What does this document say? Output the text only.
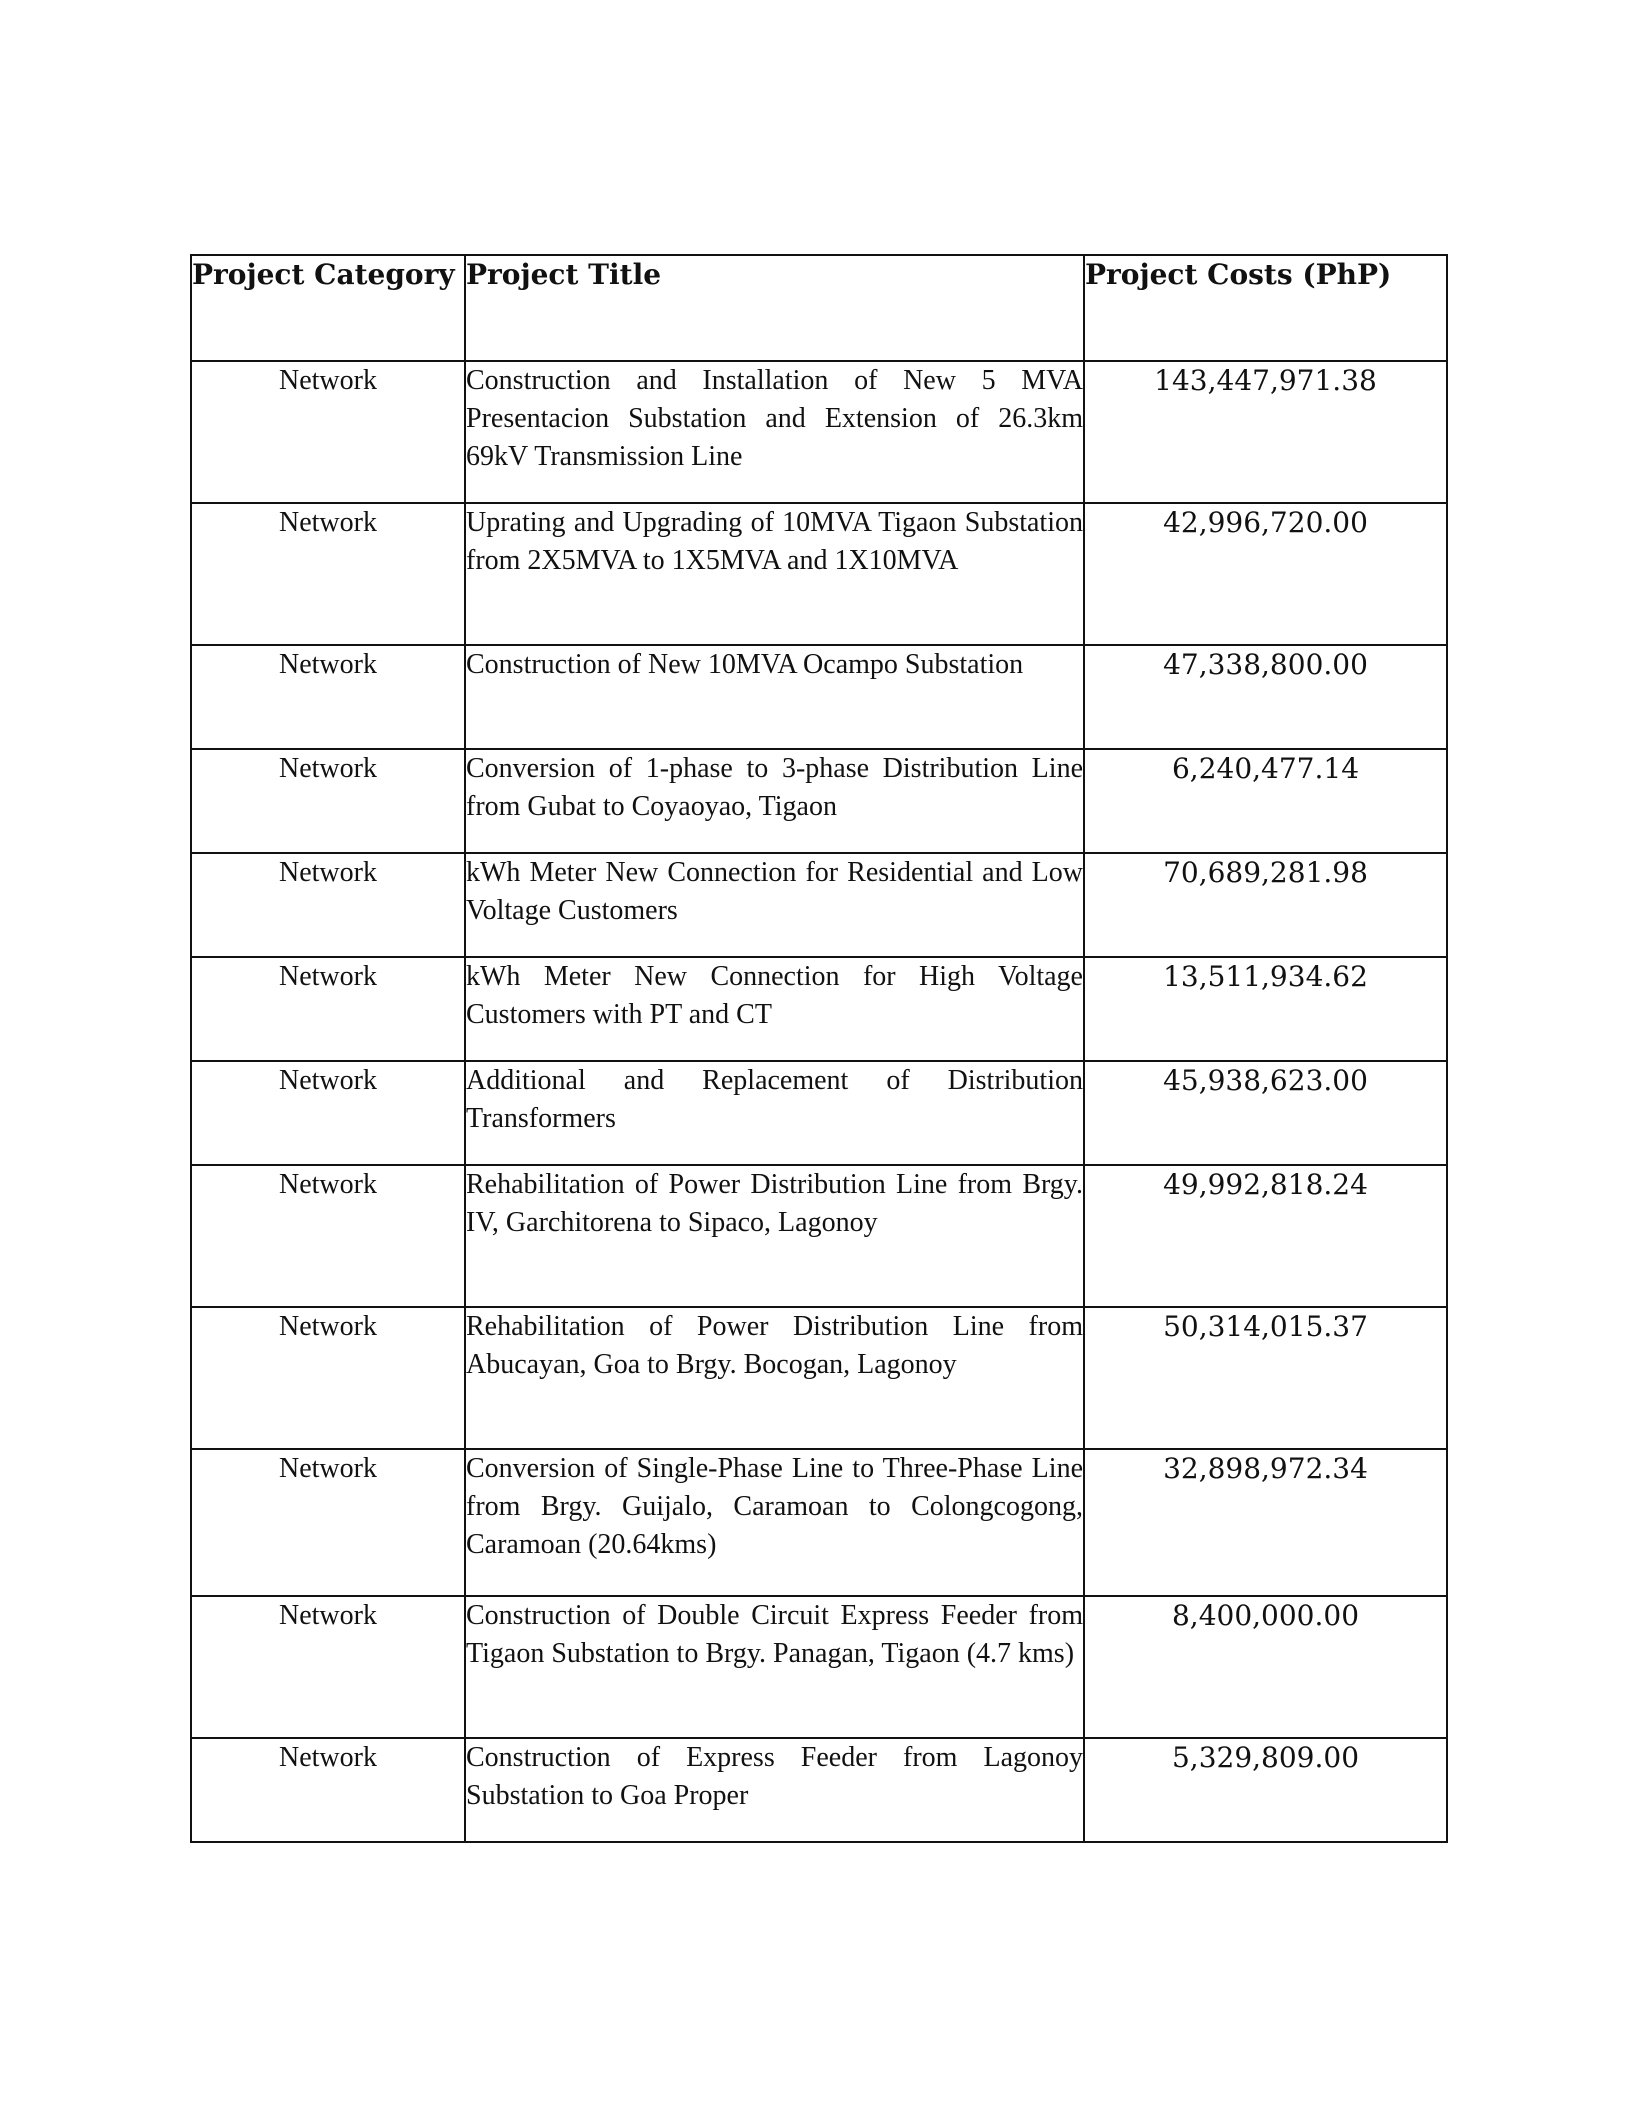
Project Category	Project Title	Project Costs (PhP)
Network	Construction and Installation of New 5 MVA Presentacion Substation and Extension of 26.3km 69kV Transmission Line	143,447,971.38
Network	Uprating and Upgrading of 10MVA Tigaon Substation from 2X5MVA to 1X5MVA and 1X10MVA	42,996,720.00
Network	Construction of New 10MVA Ocampo Substation	47,338,800.00
Network	Conversion of 1-phase to 3-phase Distribution Line from Gubat to Coyaoyao, Tigaon	6,240,477.14
Network	kWh Meter New Connection for Residential and Low Voltage Customers	70,689,281.98
Network	kWh Meter New Connection for High Voltage Customers with PT and CT	13,511,934.62
Network	Additional and Replacement of Distribution Transformers	45,938,623.00
Network	Rehabilitation of Power Distribution Line from Brgy. IV, Garchitorena to Sipaco, Lagonoy	49,992,818.24
Network	Rehabilitation of Power Distribution Line from Abucayan, Goa to Brgy. Bocogan, Lagonoy	50,314,015.37
Network	Conversion of Single-Phase Line to Three-Phase Line from Brgy. Guijalo, Caramoan to Colongcogong, Caramoan (20.64kms)	32,898,972.34
Network	Construction of Double Circuit Express Feeder from Tigaon Substation to Brgy. Panagan, Tigaon (4.7 kms)	8,400,000.00
Network	Construction of Express Feeder from Lagonoy Substation to Goa Proper	5,329,809.00
